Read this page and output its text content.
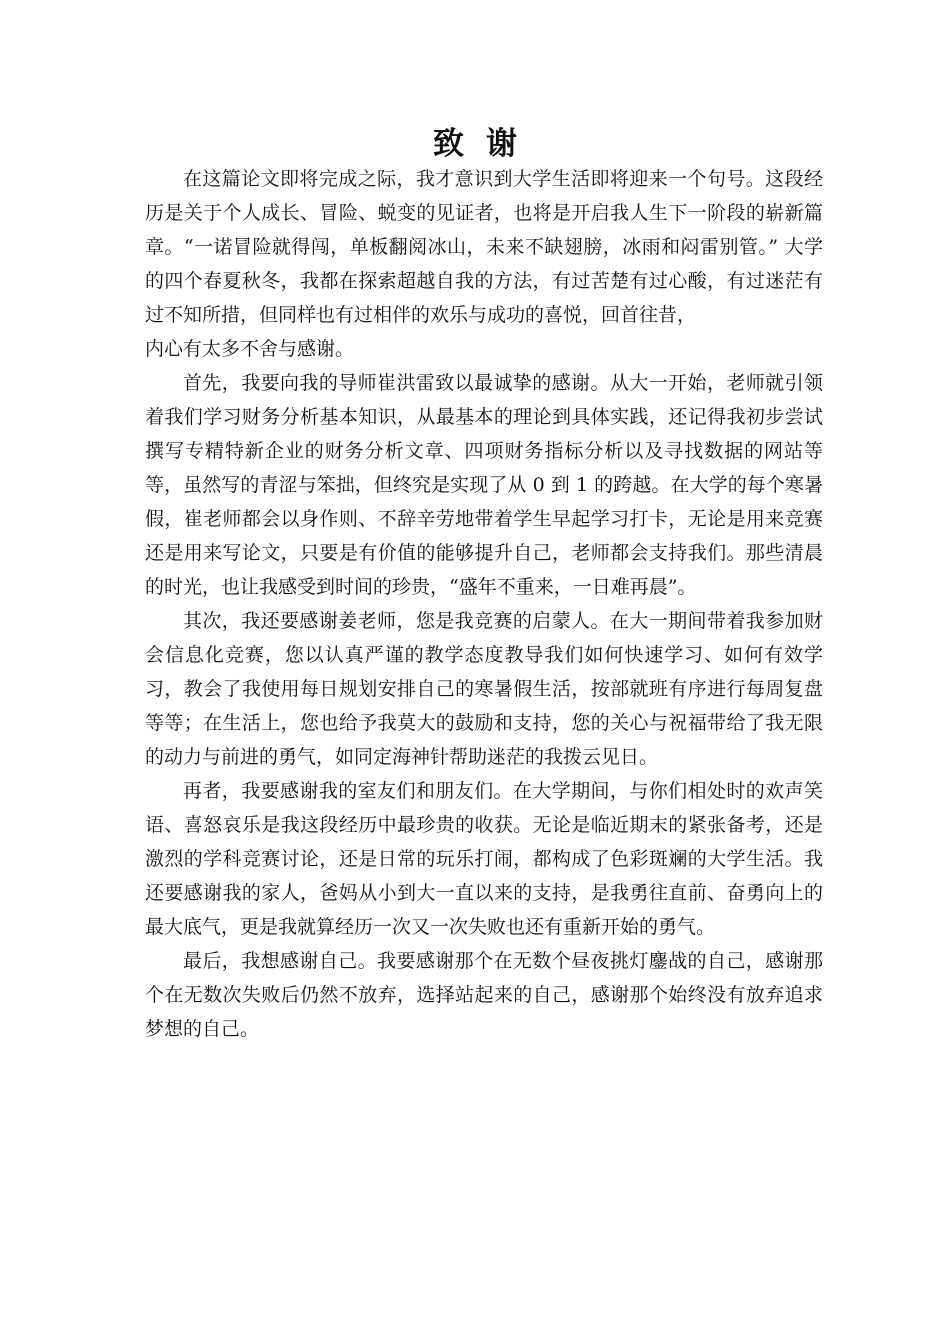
致谢

在这篇论文即将完成之际，我才意识到大学生活即将迎来一个句号。这段经历是关于个人成长、冒险、蜕变的见证者，也将是开启我人生下一阶段的崭新篇章。“一诺冒险就得闯，单板翻阅冰山，未来不缺翅膀，冰雨和闷雷别管。” 大学的四个春夏秋冬，我都在探索超越自我的方法，有过苦楚有过心酸，有过迷茫有过不知所措，但同样也有过相伴的欢乐与成功的喜悦，回首往昔，
内心有太多不舍与感谢。

首先，我要向我的导师崔洪雷致以最诚挚的感谢。从大一开始，老师就引领着我们学习财务分析基本知识，从最基本的理论到具体实践，还记得我初步尝试撰写专精特新企业的财务分析文章、四项财务指标分析以及寻找数据的网站等等，虽然写的青涩与笨拙，但终究是实现了从 0 到 1 的跨越。在大学的每个寒暑假，崔老师都会以身作则、不辞辛劳地带着学生早起学习打卡，无论是用来竞赛还是用来写论文，只要是有价值的能够提升自己，老师都会支持我们。那些清晨的时光，也让我感受到时间的珍贵，“盛年不重来，一日难再晨”。

其次，我还要感谢姜老师，您是我竞赛的启蒙人。在大一期间带着我参加财会信息化竞赛，您以认真严谨的教学态度教导我们如何快速学习、如何有效学习，教会了我使用每日规划安排自己的寒暑假生活，按部就班有序进行每周复盘等等；在生活上，您也给予我莫大的鼓励和支持，您的关心与祝福带给了我无限的动力与前进的勇气，如同定海神针帮助迷茫的我拨云见日。

再者，我要感谢我的室友们和朋友们。在大学期间，与你们相处时的欢声笑语、喜怒哀乐是我这段经历中最珍贵的收获。无论是临近期末的紧张备考，还是激烈的学科竞赛讨论，还是日常的玩乐打闹，都构成了色彩斑斓的大学生活。我还要感谢我的家人，爸妈从小到大一直以来的支持，是我勇往直前、奋勇向上的最大底气，更是我就算经历一次又一次失败也还有重新开始的勇气。

最后，我想感谢自己。我要感谢那个在无数个昼夜挑灯鏖战的自己，感谢那个在无数次失败后仍然不放弃，选择站起来的自己，感谢那个始终没有放弃追求梦想的自己。
